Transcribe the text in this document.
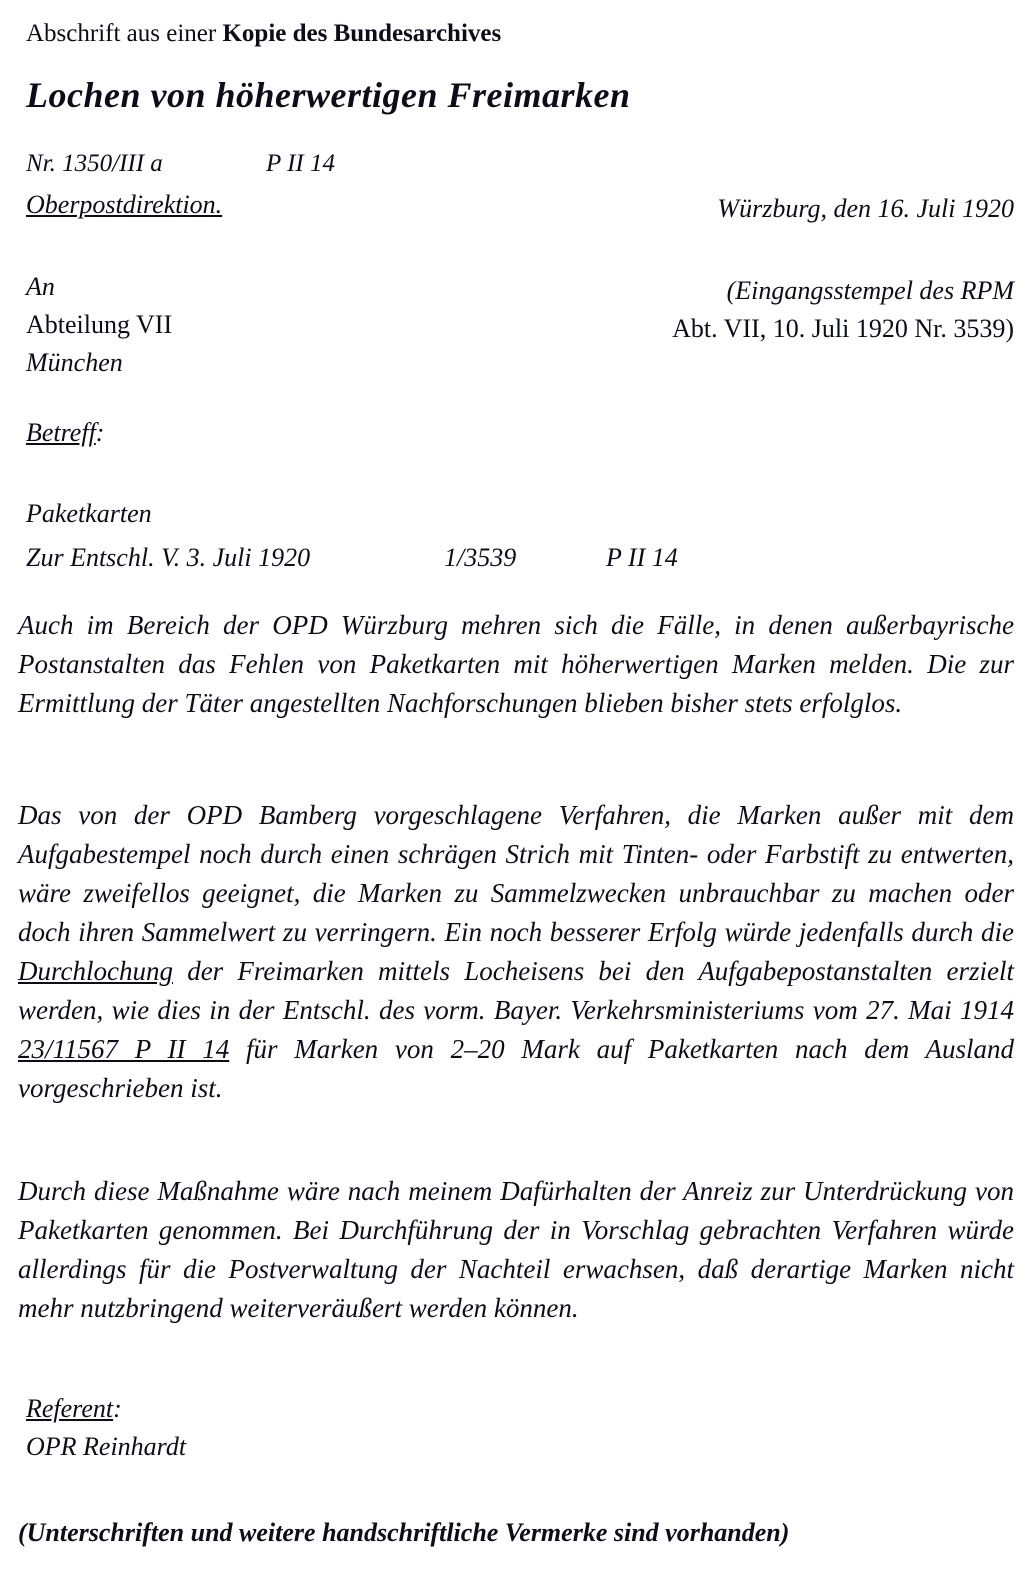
Abschrift aus einer Kopie des Bundesarchives
Lochen von höherwertigen Freimarken
Nr. 1350/III a	P II 14
Oberpostdirektion.	Würzburg, den 16. Juli 1920
An
Abteilung VII
München
(Eingangsstempel des RPM
Abt. VII, 10. Juli 1920 Nr. 3539)
Betreff:
Paketkarten
Zur Entschl. V. 3. Juli 1920	1/3539	P II 14
Auch im Bereich der OPD Würzburg mehren sich die Fälle, in denen außerbayrische Postanstalten das Fehlen von Paketkarten mit höherwertigen Marken melden. Die zur Ermittlung der Täter angestellten Nachforschungen blieben bisher stets erfolglos.
Das von der OPD Bamberg vorgeschlagene Verfahren, die Marken außer mit dem Aufgabestempel noch durch einen schrägen Strich mit Tinten- oder Farbstift zu entwerten, wäre zweifellos geeignet, die Marken zu Sammelzwecken unbrauchbar zu machen oder doch ihren Sammelwert zu verringern. Ein noch besserer Erfolg würde jedenfalls durch die Durchlochung der Freimarken mittels Locheisens bei den Aufgabepostanstalten erzielt werden, wie dies in der Entschl. des vorm. Bayer. Verkehrsministeriums vom 27. Mai 1914 23/11567 P II 14 für Marken von 2–20 Mark auf Paketkarten nach dem Ausland vorgeschrieben ist.
Durch diese Maßnahme wäre nach meinem Dafürhalten der Anreiz zur Unterdrückung von Paketkarten genommen. Bei Durchführung der in Vorschlag gebrachten Verfahren würde allerdings für die Postverwaltung der Nachteil erwachsen, daß derartige Marken nicht mehr nutzbringend weiterveräußert werden können.
Referent:
OPR Reinhardt
(Unterschriften und weitere handschriftliche Vermerke sind vorhanden)
